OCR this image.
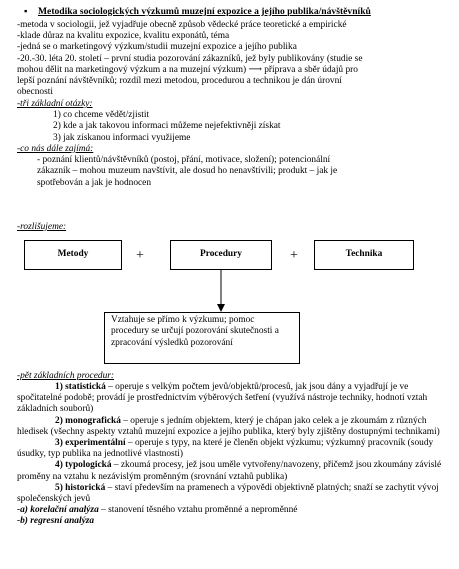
▪ Metodika sociologických výzkumů muzejní expozice a jejího publika/návštěvníků
-metoda v sociologii, jež vyjadřuje obecně způsob vědecké práce teoretické a empirické
-klade důraz na kvalitu expozice, kvalitu exponátů, téma
-jedná se o marketingový výzkum/studii muzejní expozice a jejího publika
-20.-30. léta 20. století – první studia pozorování zákazníků, jež byly publikovány (studie se
mohou dělit na marketingový výzkum a na muzejní výzkum) ⟶ příprava a sběr údajů pro
lepší poznání návštěvníků; rozdíl mezi metodou, procedurou a technikou je dán úrovní
obecnosti
-tři základní otázky:
1) co chceme vědět/zjistit
2) kde a jak takovou informaci můžeme nejefektivněji získat
3) jak získanou informaci využijeme
-co nás dále zajímá:
- poznání klientů/návštěvníků (postoj, přání, motivace, složení); potencionální
zákazník – mohou muzeum navštívit, ale dosud ho nenavštívili; produkt – jak je
spotřebován a jak je hodnocen
-rozlišujeme:
Metody	+	Procedury	+	Technika
Vztahuje se přímo k výzkumu; pomoc procedury se určují pozorování skutečnosti a zpracování výsledků pozorování
-pět základních procedur:

1) statistická – operuje s velkým počtem jevů/objektů/procesů, jak jsou dány a vyjadřují je ve spočitatelné podobě; provádí je prostřednictvím výběrových šetření (využívá nástroje techniky, hodnotí vztah základních souborů)

2) monografická – operuje s jedním objektem, který je chápan jako celek a je zkoumám z různých hledisek (všechny aspekty vztahů muzejní expozice a jejího publika, který byly zjištěny dostupnými technikami)

3) experimentální – operuje s typy, na které je členěn objekt výzkumu; výzkumný pracovník (soudy úsudky, typ publika na jednotlivé vlastnosti)

4) typologická – zkoumá procesy, jež jsou uměle vytvořeny/navozeny, přičemž jsou zkoumány závislé proměny na vztahu k nezávislým proměnným (srovnání vztahů publika)

5) historická – staví především na pramenech a výpovědi objektivně platných; snaží se zachytit vývoj společenských jevů

-a) korelační analýza – stanovení těsného vztahu proměnné a neproměnné

-b) regresní analýza
